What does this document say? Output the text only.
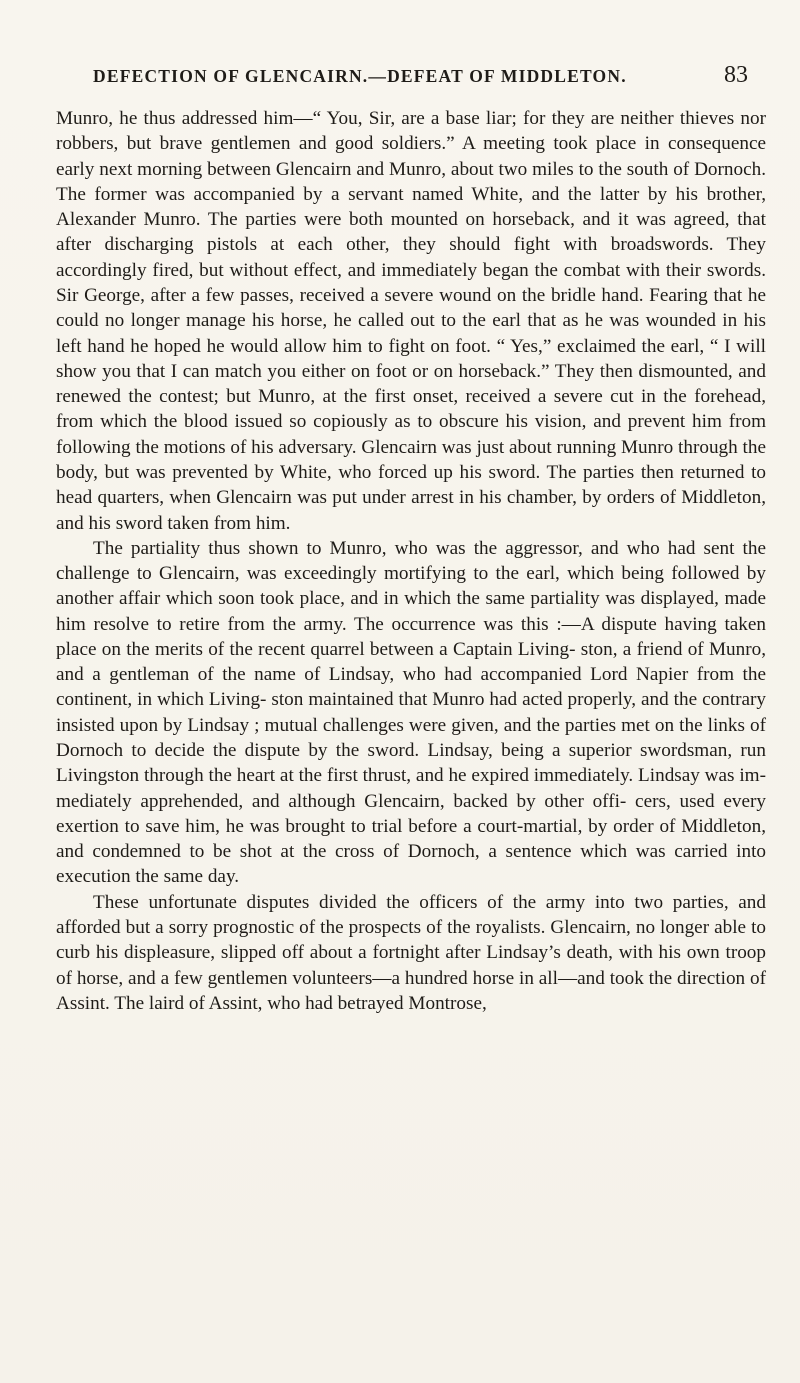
DEFECTION OF GLENCAIRN.—DEFEAT OF MIDDLETON.	83

Munro, he thus addressed him—“ You, Sir, are a base liar; for they are neither thieves nor robbers, but brave gentlemen and good soldiers.” A meeting took place in consequence early next morning between Glencairn and Munro, about two miles to the south of Dornoch. The former was accompanied by a servant named White, and the latter by his brother, Alexander Munro. The parties were both mounted on horseback, and it was agreed, that after discharging pistols at each other, they should fight with broadswords. They accordingly fired, but without effect, and immediately began the combat with their swords. Sir George, after a few passes, received a severe wound on the bridle hand. Fearing that he could no longer manage his horse, he called out to the earl that as he was wounded in his left hand he hoped he would allow him to fight on foot. “ Yes,” exclaimed the earl, “ I will show you that I can match you either on foot or on horseback.” They then dismounted, and renewed the contest; but Munro, at the first onset, received a severe cut in the forehead, from which the blood issued so copiously as to obscure his vision, and prevent him from following the motions of his adversary. Glencairn was just about running Munro through the body, but was prevented by White, who forced up his sword. The parties then returned to head quarters, when Glencairn was put under arrest in his chamber, by orders of Middleton, and his sword taken from him.

The partiality thus shown to Munro, who was the aggressor, and who had sent the challenge to Glencairn, was exceedingly mortifying to the earl, which being followed by another affair which soon took place, and in which the same partiality was displayed, made him resolve to retire from the army. The occurrence was this :—A dispute having taken place on the merits of the recent quarrel between a Captain Living- ston, a friend of Munro, and a gentleman of the name of Lindsay, who had accompanied Lord Napier from the continent, in which Living- ston maintained that Munro had acted properly, and the contrary insisted upon by Lindsay ; mutual challenges were given, and the parties met on the links of Dornoch to decide the dispute by the sword. Lindsay, being a superior swordsman, run Livingston through the heart at the first thrust, and he expired immediately. Lindsay was im- mediately apprehended, and although Glencairn, backed by other offi- cers, used every exertion to save him, he was brought to trial before a court-martial, by order of Middleton, and condemned to be shot at the cross of Dornoch, a sentence which was carried into execution the same day.

These unfortunate disputes divided the officers of the army into two parties, and afforded but a sorry prognostic of the prospects of the royalists. Glencairn, no longer able to curb his displeasure, slipped off about a fortnight after Lindsay’s death, with his own troop of horse, and a few gentlemen volunteers—a hundred horse in all—and took the direction of Assint. The laird of Assint, who had betrayed Montrose,
